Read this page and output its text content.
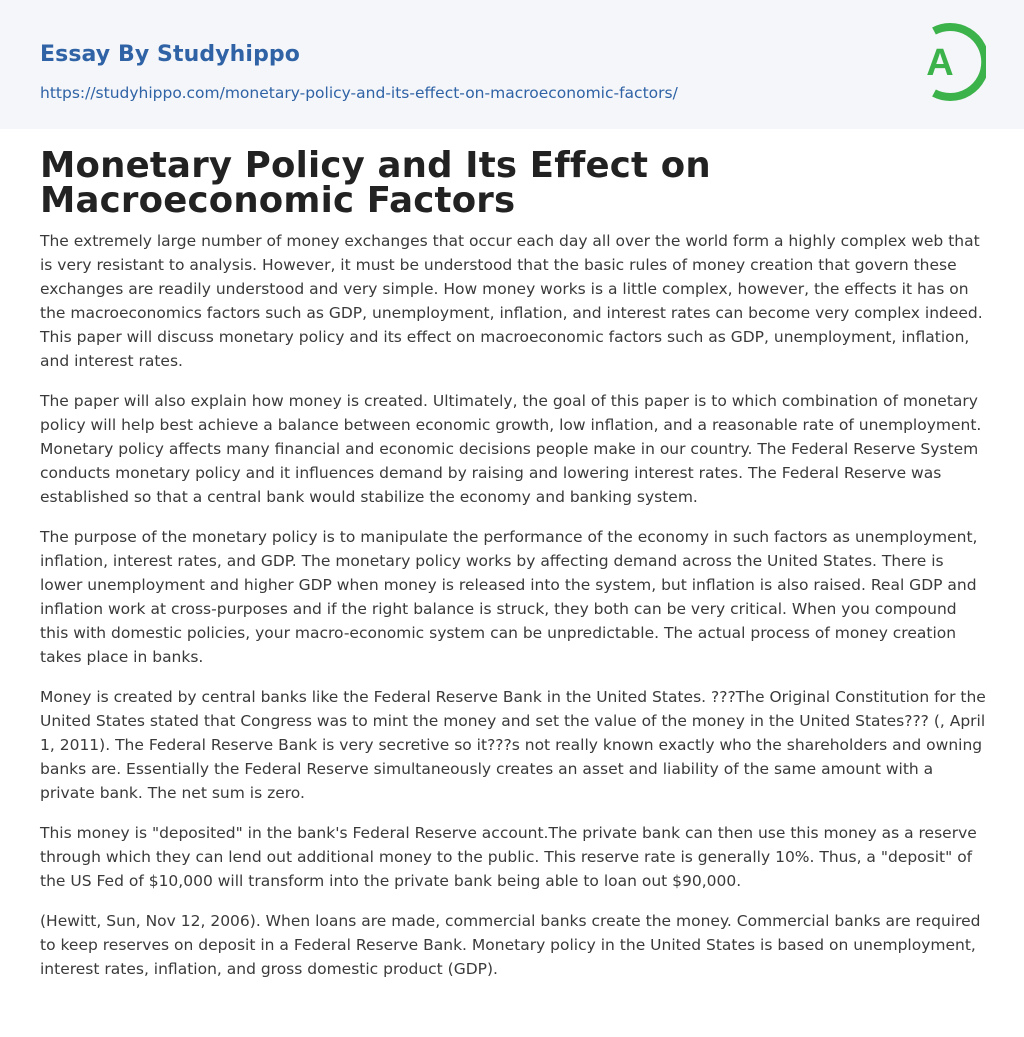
Essay By Studyhippo
https://studyhippo.com/monetary-policy-and-its-effect-on-macroeconomic-factors/
A
Monetary Policy and Its Effect on Macroeconomic Factors

The extremely large number of money exchanges that occur each day all over the world form a highly complex web that is very resistant to analysis. However, it must be understood that the basic rules of money creation that govern these exchanges are readily understood and very simple. How money works is a little complex, however, the effects it has on the macroeconomics factors such as GDP, unemployment, inflation, and interest rates can become very complex indeed. This paper will discuss monetary policy and its effect on macroeconomic factors such as GDP, unemployment, inflation, and interest rates.

The paper will also explain how money is created. Ultimately, the goal of this paper is to which combination of monetary policy will help best achieve a balance between economic growth, low inflation, and a reasonable rate of unemployment. Monetary policy affects many financial and economic decisions people make in our country. The Federal Reserve System conducts monetary policy and it influences demand by raising and lowering interest rates. The Federal Reserve was established so that a central bank would stabilize the economy and banking system.

The purpose of the monetary policy is to manipulate the performance of the economy in such factors as unemployment, inflation, interest rates, and GDP. The monetary policy works by affecting demand across the United States. There is lower unemployment and higher GDP when money is released into the system, but inflation is also raised. Real GDP and inflation work at cross-purposes and if the right balance is struck, they both can be very critical. When you compound this with domestic policies, your macro-economic system can be unpredictable. The actual process of money creation takes place in banks.

Money is created by central banks like the Federal Reserve Bank in the United States. ???The Original Constitution for the United States stated that Congress was to mint the money and set the value of the money in the United States??? (, April 1, 2011). The Federal Reserve Bank is very secretive so it???s not really known exactly who the shareholders and owning banks are. Essentially the Federal Reserve simultaneously creates an asset and liability of the same amount with a private bank. The net sum is zero.

This money is "deposited" in the bank's Federal Reserve account.The private bank can then use this money as a reserve through which they can lend out additional money to the public. This reserve rate is generally 10%. Thus, a "deposit" of the US Fed of $10,000 will transform into the private bank being able to loan out $90,000.

(Hewitt, Sun, Nov 12, 2006). When loans are made, commercial banks create the money. Commercial banks are required to keep reserves on deposit in a Federal Reserve Bank. Monetary policy in the United States is based on unemployment, interest rates, inflation, and gross domestic product (GDP).
